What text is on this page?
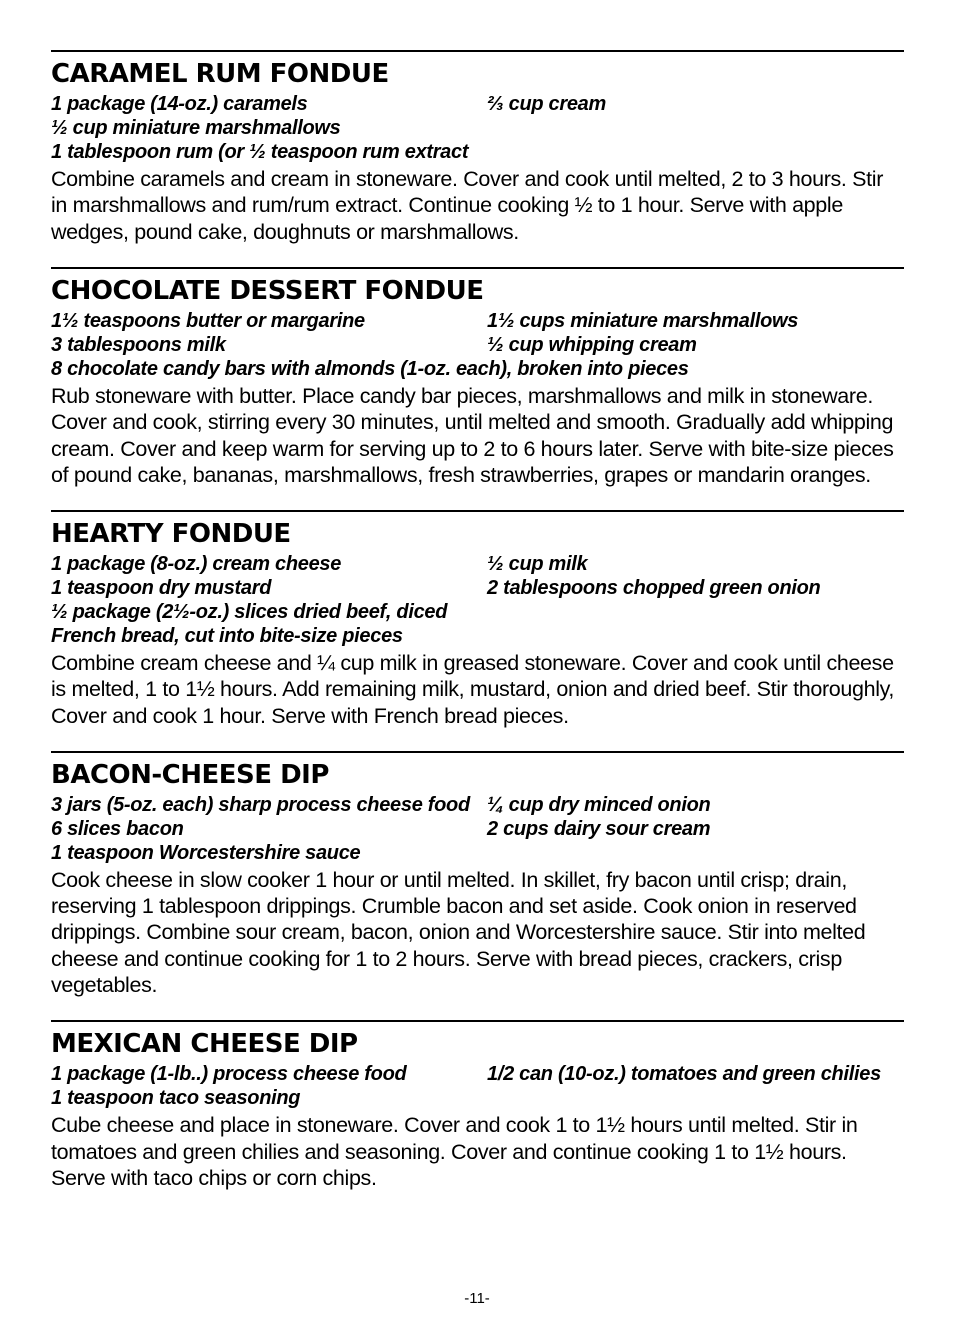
CARAMEL RUM FONDUE
1 package (14-oz.) caramels	⅔ cup cream
½ cup miniature marshmallows
1 tablespoon rum (or ½ teaspoon rum extract

Combine caramels and cream in stoneware. Cover and cook until melted, 2 to 3 hours. Stir in marshmallows and rum/rum extract. Continue cooking ½ to 1 hour. Serve with apple wedges, pound cake, doughnuts or marshmallows.

CHOCOLATE DESSERT FONDUE
1½ teaspoons butter or margarine	1½ cups miniature marshmallows
3 tablespoons milk	½ cup whipping cream
8 chocolate candy bars with almonds (1-oz. each), broken into pieces

Rub stoneware with butter. Place candy bar pieces, marshmallows and milk in stoneware. Cover and cook, stirring every 30 minutes, until melted and smooth. Gradually add whipping cream. Cover and keep warm for serving up to 2 to 6 hours later. Serve with bite-size pieces of pound cake, bananas, marshmallows, fresh strawberries, grapes or mandarin oranges.

HEARTY FONDUE
1 package (8-oz.) cream cheese	½ cup milk
1 teaspoon dry mustard	2 tablespoons chopped green onion
½ package (2½-oz.) slices dried beef, diced
French bread, cut into bite-size pieces

Combine cream cheese and ¼ cup milk in greased stoneware. Cover and cook until cheese is melted, 1 to 1½ hours. Add remaining milk, mustard, onion and dried beef. Stir thoroughly, Cover and cook 1 hour. Serve with French bread pieces.

BACON-CHEESE DIP
3 jars (5-oz. each) sharp process cheese food ¼ cup dry minced onion
6 slices bacon	2 cups dairy sour cream
1 teaspoon Worcestershire sauce

Cook cheese in slow cooker 1 hour or until melted. In skillet, fry bacon until crisp; drain, reserving 1 tablespoon drippings. Crumble bacon and set aside. Cook onion in reserved drippings. Combine sour cream, bacon, onion and Worcestershire sauce. Stir into melted cheese and continue cooking for 1 to 2 hours. Serve with bread pieces, crackers, crisp vegetables.

MEXICAN CHEESE DIP
1 package (1-lb..) process cheese food	1/2 can (10-oz.) tomatoes and green chilies
1 teaspoon taco seasoning

Cube cheese and place in stoneware. Cover and cook 1 to 1½ hours until melted. Stir in tomatoes and green chilies and seasoning. Cover and continue cooking 1 to 1½ hours. Serve with taco chips or corn chips.

-11-
